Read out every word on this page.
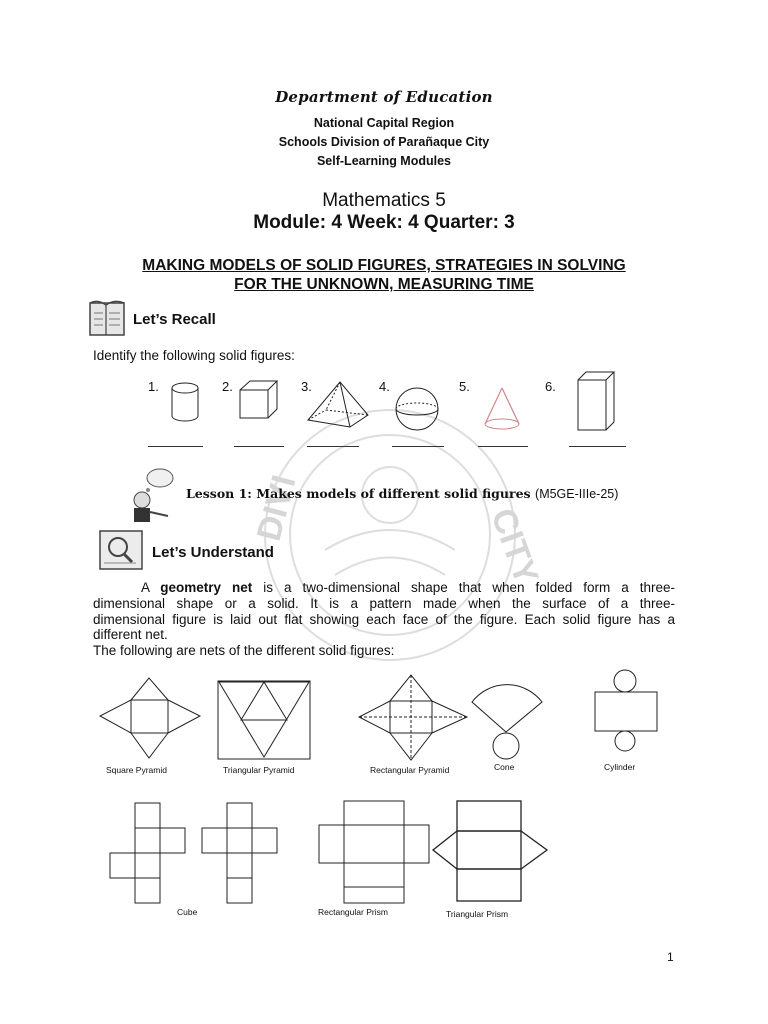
DIVI	CITY
Department of Education
National Capital Region
Schools Division of Parañaque City
Self-Learning Modules
Mathematics 5
Module: 4 Week: 4 Quarter: 3
MAKING MODELS OF SOLID FIGURES, STRATEGIES IN SOLVING
FOR THE UNKNOWN, MEASURING TIME
Let’s Recall
Identify the following solid figures:
1.	2.	3.	4.	5.	6.
Lesson 1: Makes models of different solid figures (M5GE-IIIe-25)
Let’s Understand
A geometry net is a two-dimensional shape that when folded form a three-
dimensional shape or a solid. It is a pattern made when the surface of a three-
dimensional figure is laid out flat showing each face of the figure. Each solid figure has a
different net.
The following are nets of the different solid figures:
Square Pyramid	Triangular Pyramid	Rectangular Pyramid	Cone	Cylinder
Cube	Rectangular Prism	Triangular Prism
1
